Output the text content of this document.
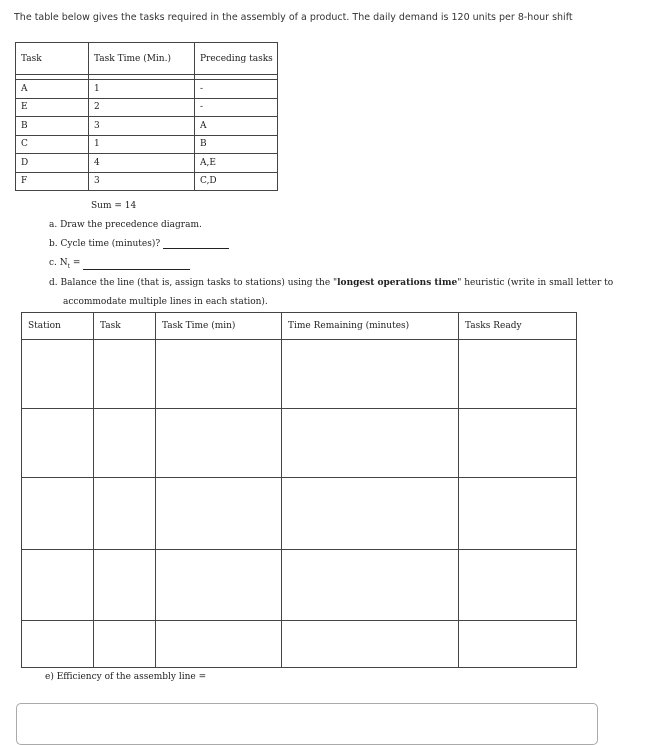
The table below gives the tasks required in the assembly of a product. The daily demand is 120 units per 8-hour shift
Task	Task Time (Min.)	Preceding tasks

A	1	-
E	2	-
B	3	A
C	1	B
D	4	A,E
F	3	C,D
Sum = 14
a. Draw the precedence diagram.
b. Cycle time (minutes)?
c. $N_t$ =
d. Balance the line (that is, assign tasks to stations) using the "longest operations time" heuristic (write in small letter to
accommodate multiple lines in each station).
Station	Task	Task Time (min)	Time Remaining (minutes)	Tasks Ready

e) Efficiency of the assembly line =
